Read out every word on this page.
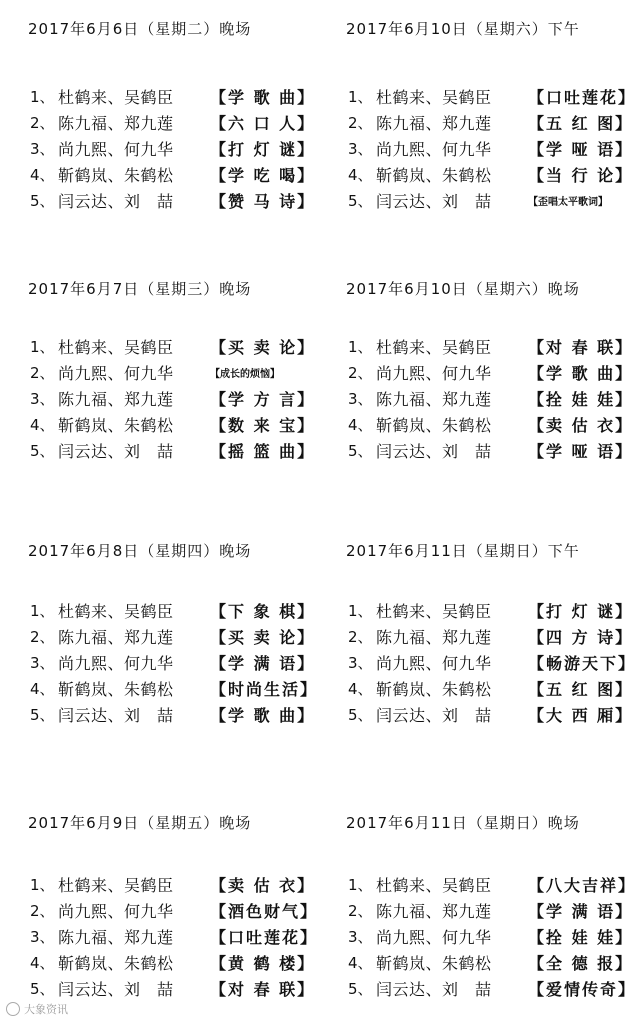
2017年6月6日（星期二）晚场
1、 杜鹤来、吴鹤臣	【学 歌 曲】
2、 陈九福、郑九莲	【六 口 人】
3、 尚九熙、何九华	【打 灯 谜】
4、 靳鹤岚、朱鹤松	【学 吃 喝】
5、 闫云达、刘　喆	【赞 马 诗】
2017年6月10日（星期六）下午
1、 杜鹤来、吴鹤臣	【口吐莲花】
2、 陈九福、郑九莲	【五 红 图】
3、 尚九熙、何九华	【学 哑 语】
4、 靳鹤岚、朱鹤松	【当 行 论】
5、 闫云达、刘　喆	【歪唱太平歌词】
2017年6月7日（星期三）晚场
1、 杜鹤来、吴鹤臣	【买 卖 论】
2、 尚九熙、何九华	【成长的烦恼】
3、 陈九福、郑九莲	【学 方 言】
4、 靳鹤岚、朱鹤松	【数 来 宝】
5、 闫云达、刘　喆	【摇 篮 曲】
2017年6月10日（星期六）晚场
1、 杜鹤来、吴鹤臣	【对 春 联】
2、 尚九熙、何九华	【学 歌 曲】
3、 陈九福、郑九莲	【拴 娃 娃】
4、 靳鹤岚、朱鹤松	【卖 估 衣】
5、 闫云达、刘　喆	【学 哑 语】
2017年6月8日（星期四）晚场
1、 杜鹤来、吴鹤臣	【下 象 棋】
2、 陈九福、郑九莲	【买 卖 论】
3、 尚九熙、何九华	【学 满 语】
4、 靳鹤岚、朱鹤松	【时尚生活】
5、 闫云达、刘　喆	【学 歌 曲】
2017年6月11日（星期日）下午
1、 杜鹤来、吴鹤臣	【打 灯 谜】
2、 陈九福、郑九莲	【四 方 诗】
3、 尚九熙、何九华	【畅游天下】
4、 靳鹤岚、朱鹤松	【五 红 图】
5、 闫云达、刘　喆	【大 西 厢】
2017年6月9日（星期五）晚场
1、 杜鹤来、吴鹤臣	【卖 估 衣】
2、 尚九熙、何九华	【酒色财气】
3、 陈九福、郑九莲	【口吐莲花】
4、 靳鹤岚、朱鹤松	【黄 鹤 楼】
5、 闫云达、刘　喆	【对 春 联】
2017年6月11日（星期日）晚场
1、 杜鹤来、吴鹤臣	【八大吉祥】
2、 陈九福、郑九莲	【学 满 语】
3、 尚九熙、何九华	【拴 娃 娃】
4、 靳鹤岚、朱鹤松	【全 德 报】
5、 闫云达、刘　喆	【爱情传奇】
大象资讯
